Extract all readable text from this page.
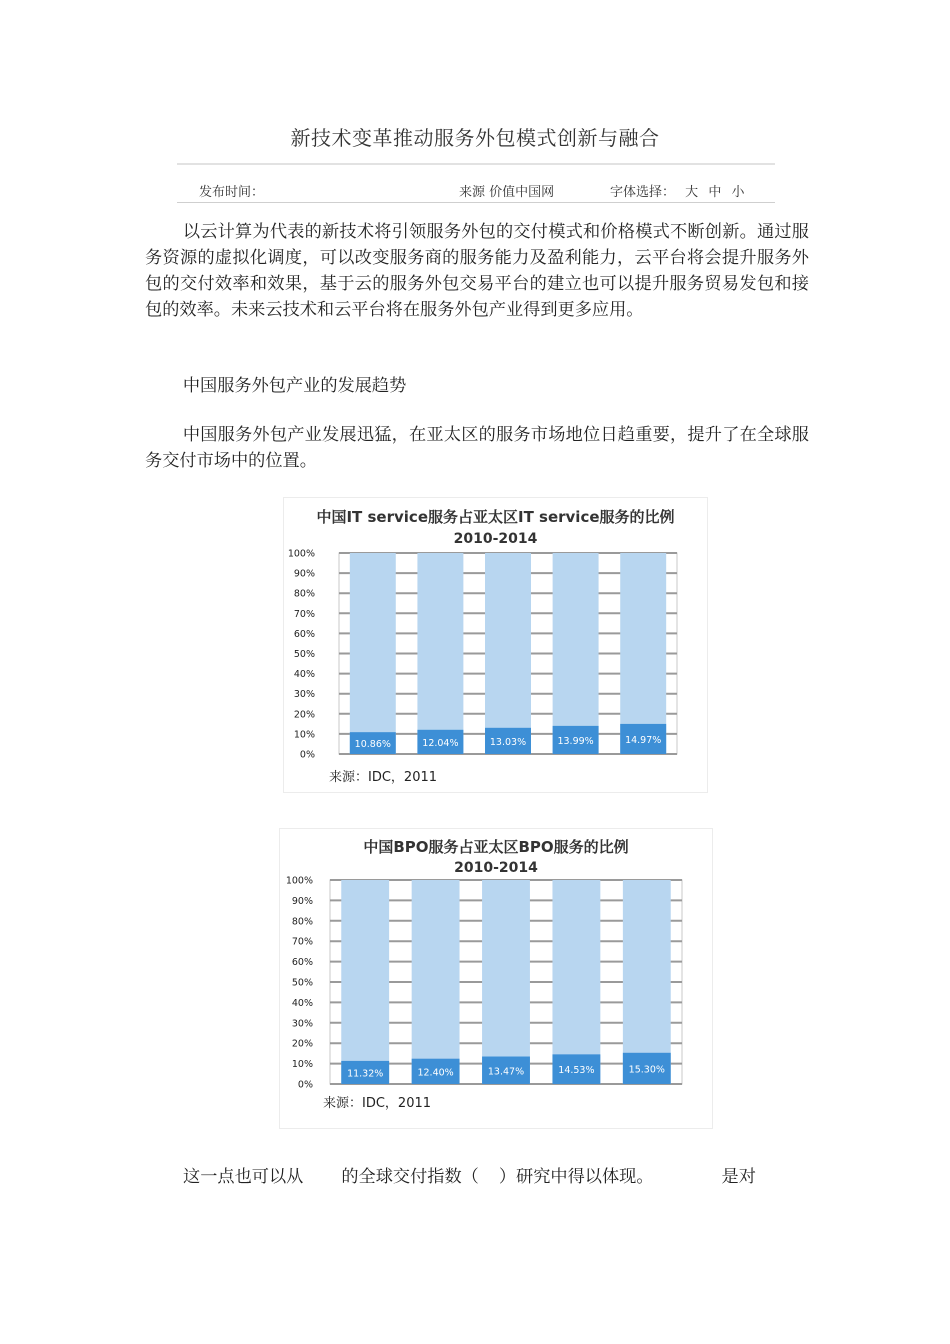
新技术变革推动服务外包模式创新与融合
发布时间：	来源 价值中国网	字体选择： 大 中 小

以云计算为代表的新技术将引领服务外包的交付模式和价格模式不断创新。通过服务资源的虚拟化调度，可以改变服务商的服务能力及盈利能力，云平台将会提升服务外包的交付效率和效果，基于云的服务外包交易平台的建立也可以提升服务贸易发包和接包的效率。未来云技术和云平台将在服务外包产业得到更多应用。

中国服务外包产业的发展趋势

中国服务外包产业发展迅猛，在亚太区的服务市场地位日趋重要，提升了在全球服务交付市场中的位置。

中国IT service服务占亚太区IT service服务的比例
2010-2014
100%
90%
80%
70%
60%
50%
40%
30%
20%
10%
0%
10.86%	12.04%	13.03%	13.99%	14.97%
来源：IDC，2011
中国BPO服务占亚太区BPO服务的比例
2010-2014
100%
90%
80%
70%
60%
50%
40%
30%
20%
10%
0%
11.32%	12.40%	13.47%	14.53%	15.30%
来源：IDC，2011
这一点也可以从 的全球交付指数（ ）研究中得以体现。	是对
